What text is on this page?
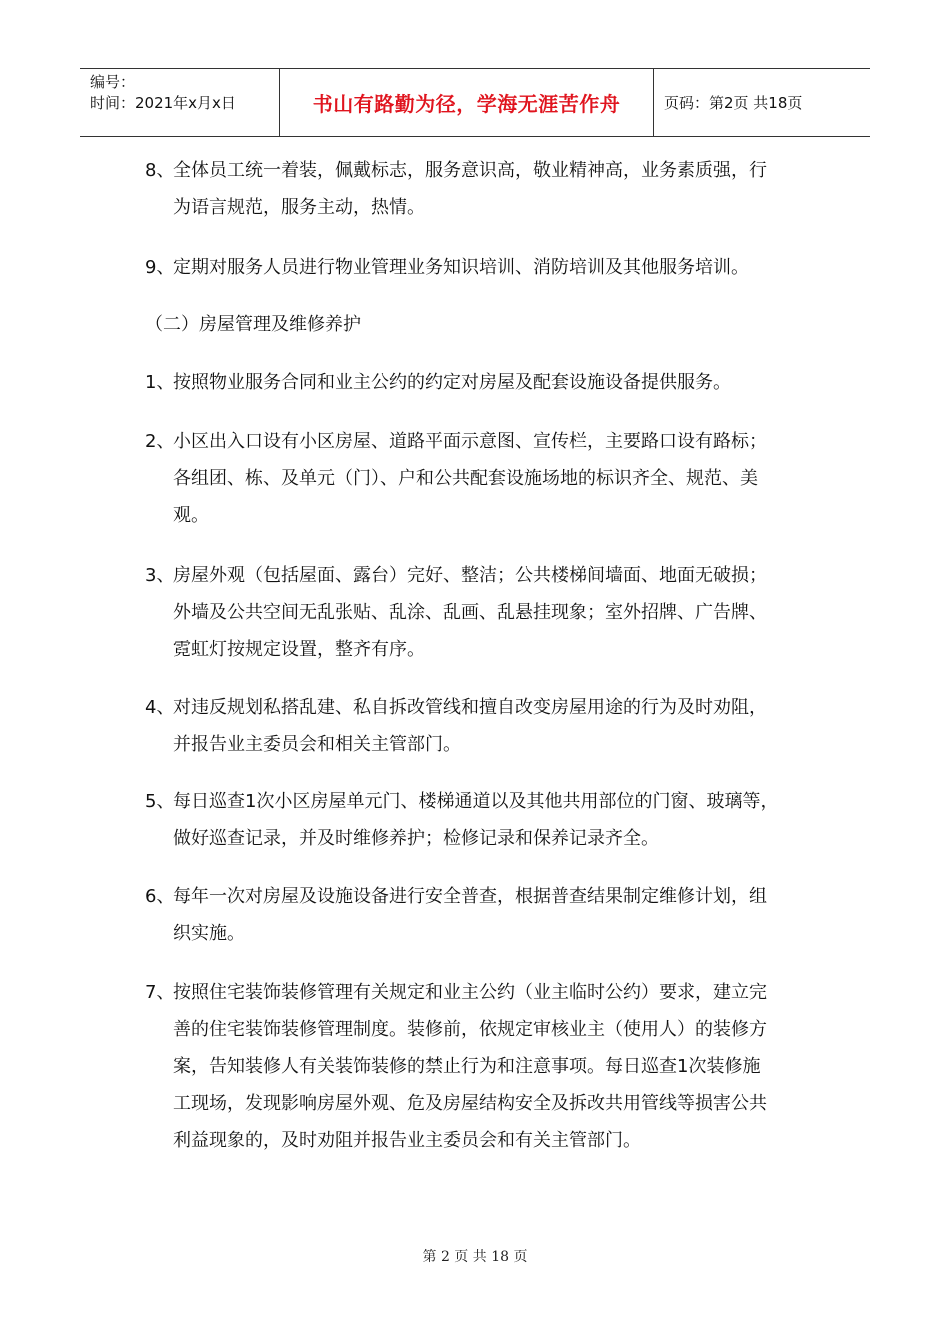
编号：
时间：2021年x月x日	书山有路勤为径，学海无涯苦作舟	页码：第2页 共18页
8、全体员工统一着装，佩戴标志，服务意识高，敬业精神高，业务素质强，行
为语言规范，服务主动，热情。
9、定期对服务人员进行物业管理业务知识培训、消防培训及其他服务培训。
（二）房屋管理及维修养护
1、按照物业服务合同和业主公约的约定对房屋及配套设施设备提供服务。
2、小区出入口设有小区房屋、道路平面示意图、宣传栏，主要路口设有路标；
各组团、栋、及单元（门）、户和公共配套设施场地的标识齐全、规范、美
观。
3、房屋外观（包括屋面、露台）完好、整洁；公共楼梯间墙面、地面无破损；
外墙及公共空间无乱张贴、乱涂、乱画、乱悬挂现象；室外招牌、广告牌、
霓虹灯按规定设置，整齐有序。
4、对违反规划私搭乱建、私自拆改管线和擅自改变房屋用途的行为及时劝阻，
并报告业主委员会和相关主管部门。
5、每日巡查1次小区房屋单元门、楼梯通道以及其他共用部位的门窗、玻璃等，
做好巡查记录，并及时维修养护；检修记录和保养记录齐全。
6、每年一次对房屋及设施设备进行安全普查，根据普查结果制定维修计划，组
织实施。
7、按照住宅装饰装修管理有关规定和业主公约（业主临时公约）要求，建立完
善的住宅装饰装修管理制度。装修前，依规定审核业主（使用人）的装修方
案，告知装修人有关装饰装修的禁止行为和注意事项。每日巡查1次装修施
工现场，发现影响房屋外观、危及房屋结构安全及拆改共用管线等损害公共
利益现象的，及时劝阻并报告业主委员会和有关主管部门。
第 2 页 共 18 页
